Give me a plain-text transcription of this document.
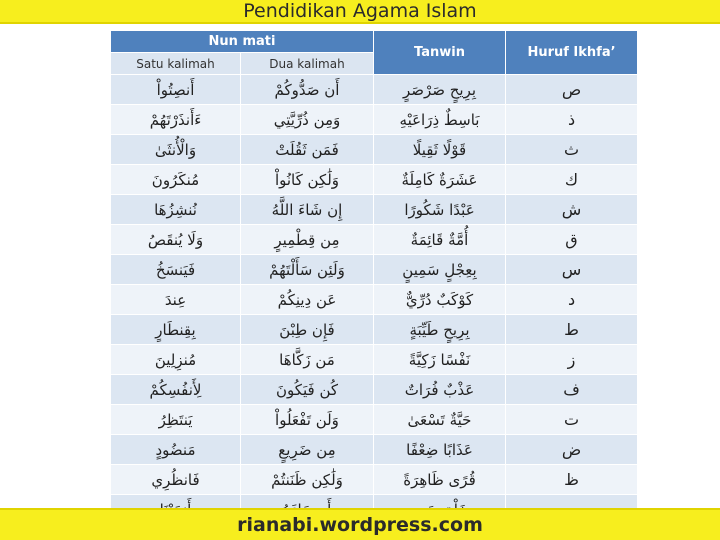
Pendidikan Agama Islam
Nun mati		Tanwin	Huruf Ikhfa’
Satu kalimah	Dua kalimah		
أَنصِتُواْ	أَن صَدُّوكُمْ	بِرِيحٍ صَرْصَرٍ	ص
ءَأَنذَرْتَهُمْ	وَمِن ذُرِّيَّتِي	بَاسِطٌ ذِرَاعَيْهِ	ذ
وَالْأُنثَىٰ	فَمَن ثَقُلَتْ	قَوْلًا ثَقِيلًا	ث
مُنكَرُونَ	وَلَٰكِن كَانُواْ	عَشَرَةٌ كَامِلَةٌ	ك
نُنشِزُهَا	إِن شَاءَ اللَّهُ	عَبْدًا شَكُورًا	ش
وَلَا يُنقَصُ	مِن قِطْمِيرٍ	أُمَّةٌ قَائِمَةٌ	ق
فَيَنسَخُ	وَلَئِن سَأَلْتَهُمْ	بِعِجْلٍ سَمِينٍ	س
عِندَ	عَن دِينِكُمْ	كَوْكَبٌ دُرِّيٌّ	د
بِقِنطَارٍ	فَإِن طِبْنَ	بِرِيحٍ طَيِّبَةٍ	ط
مُنزِلِينَ	مَن زَكَّاهَا	نَفْسًا زَكِيَّةً	ز
لِأَنفُسِكُمْ	كُن فَيَكُونَ	عَذْبٌ فُرَاتٌ	ف
يَنتَظِرُ	وَلَن تَفْعَلُواْ	حَيَّةٌ تَسْعَىٰ	ت
مَنضُودٍ	مِن ضَرِيعٍ	عَذَابًا ضِعْفًا	ض
فَانظُرِي	وَلَٰكِن ظَنَنتُمْ	قُرًى ظَاهِرَةً	ظ

rianabi.wordpress.com
